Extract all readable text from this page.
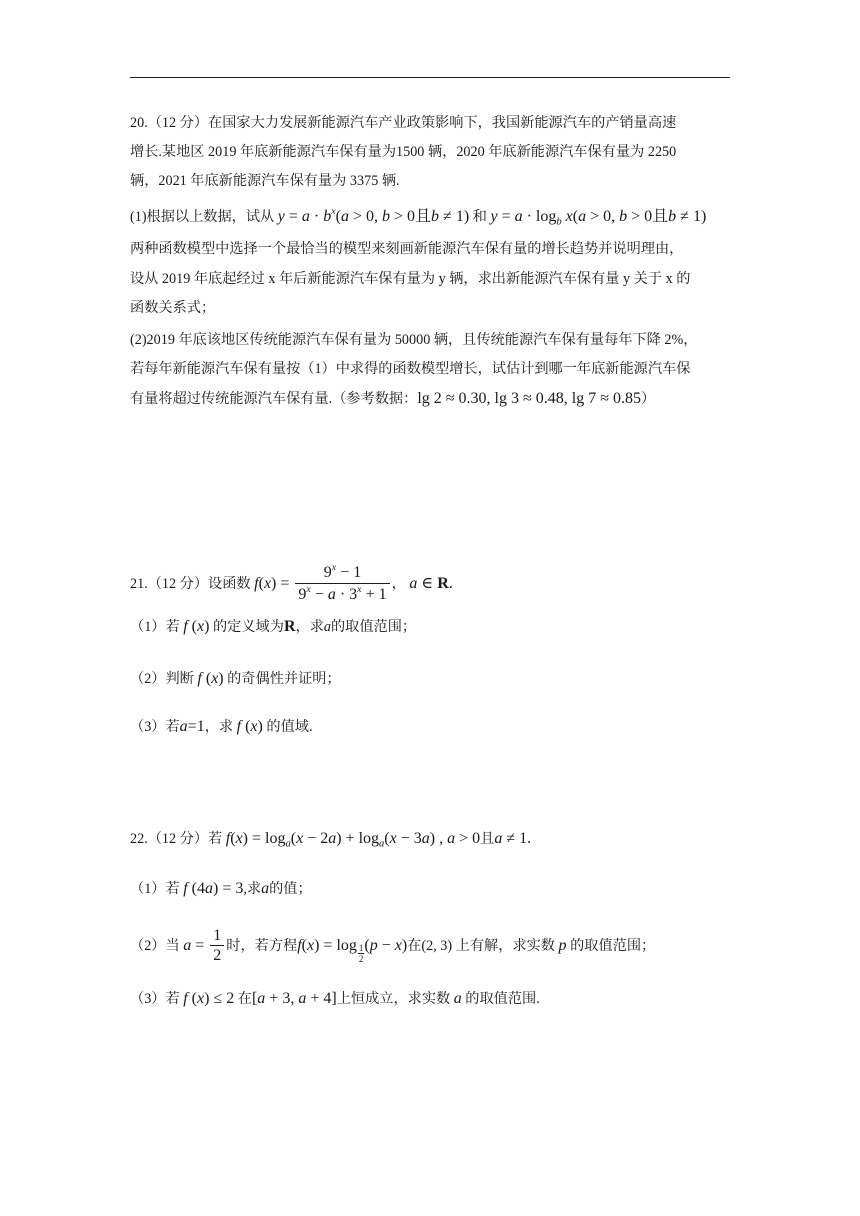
20.（12 分）在国家大力发展新能源汽车产业政策影响下，我国新能源汽车的产销量高速
增长.某地区 2019 年底新能源汽车保有量为1500 辆，2020 年底新能源汽车保有量为 2250
辆，2021 年底新能源汽车保有量为 3375 辆.
(1)根据以上数据，试从 $y = a \cdot b^x(a > 0$, b > 0且b ≠ 1) 和 $y = a \cdot \log_b x(a > 0$, b > 0且b ≠ 1)
两种函数模型中选择一个最恰当的模型来刻画新能源汽车保有量的增长趋势并说明理由，
设从 2019 年底起经过 x 年后新能源汽车保有量为 y 辆，求出新能源汽车保有量 y 关于 x 的
函数关系式；
(2)2019 年底该地区传统能源汽车保有量为 50000 辆，且传统能源汽车保有量每年下降 2%，
若每年新能源汽车保有量按（1）中求得的函数模型增长，试估计到哪一年底新能源汽车保
有量将超过传统能源汽车保有量.（参考数据：lg 2 ≈ 0.30, lg 3 ≈ 0.48, lg 7 ≈ 0.85）
21.（12 分）设函数 $f(x) = \frac{9^x - 1}{9^x - a \cdot 3^x + 1}$ ， a ∈ R.
（1）若 f (x) 的定义域为R，求a的取值范围；
（2）判断 f (x) 的奇偶性并证明；
（3）若a=1，求 f (x) 的值域.
22.（12 分）若 $f(x) = \log_a(x - 2a) + \log_a(x - 3a)$ , a > 0且a ≠ 1.
（1）若 f (4a) = 3,求a的值；
（2）当 $a = \frac{1}{2}$ 时，若方程$f(x) = \log \frac{1}{2} (p - x)$在(2, 3) 上有解，求实数 p 的取值范围；
（3）若 f (x) ≤ 2 在[a + 3, a + 4]上恒成立，求实数 a 的取值范围.
